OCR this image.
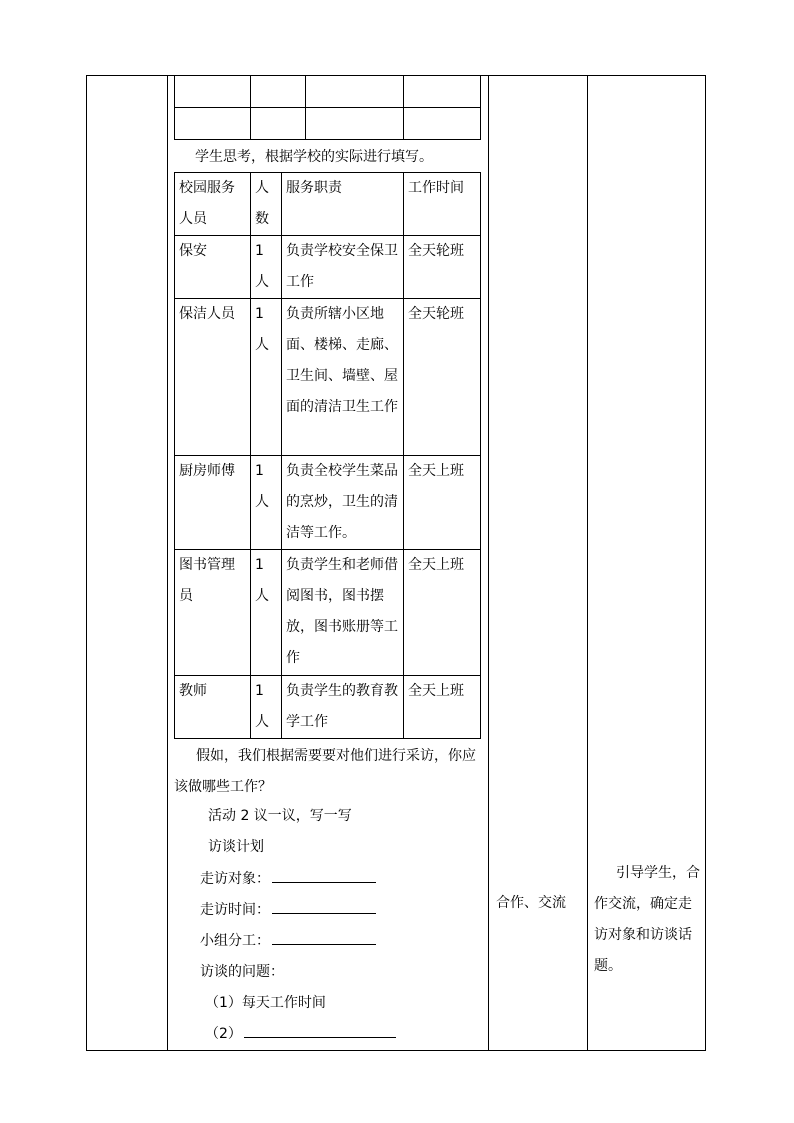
学生思考，根据学校的实际进行填写。
校园服务人员	人数	服务职责	工作时间
保安	1人	负责学校安全保卫工作	全天轮班
保洁人员	1人	负责所辖小区地面、楼梯、走廊、卫生间、墙壁、屋面的清洁卫生工作	全天轮班
厨房师傅	1人	负责全校学生菜品的烹炒，卫生的清洁等工作。	全天上班
图书管理员	1人	负责学生和老师借阅图书，图书摆放，图书账册等工作	全天上班
教师	1人	负责学生的教育教学工作	全天上班
假如，我们根据需要要对他们进行采访，你应该做哪些工作？
活动 2 议一议，写一写
访谈计划
走访对象：
走访时间：
小组分工：
访谈的问题：
（1）每天工作时间
（2）
合作、交流
引导学生，合作交流，确定走访对象和访谈话题。
